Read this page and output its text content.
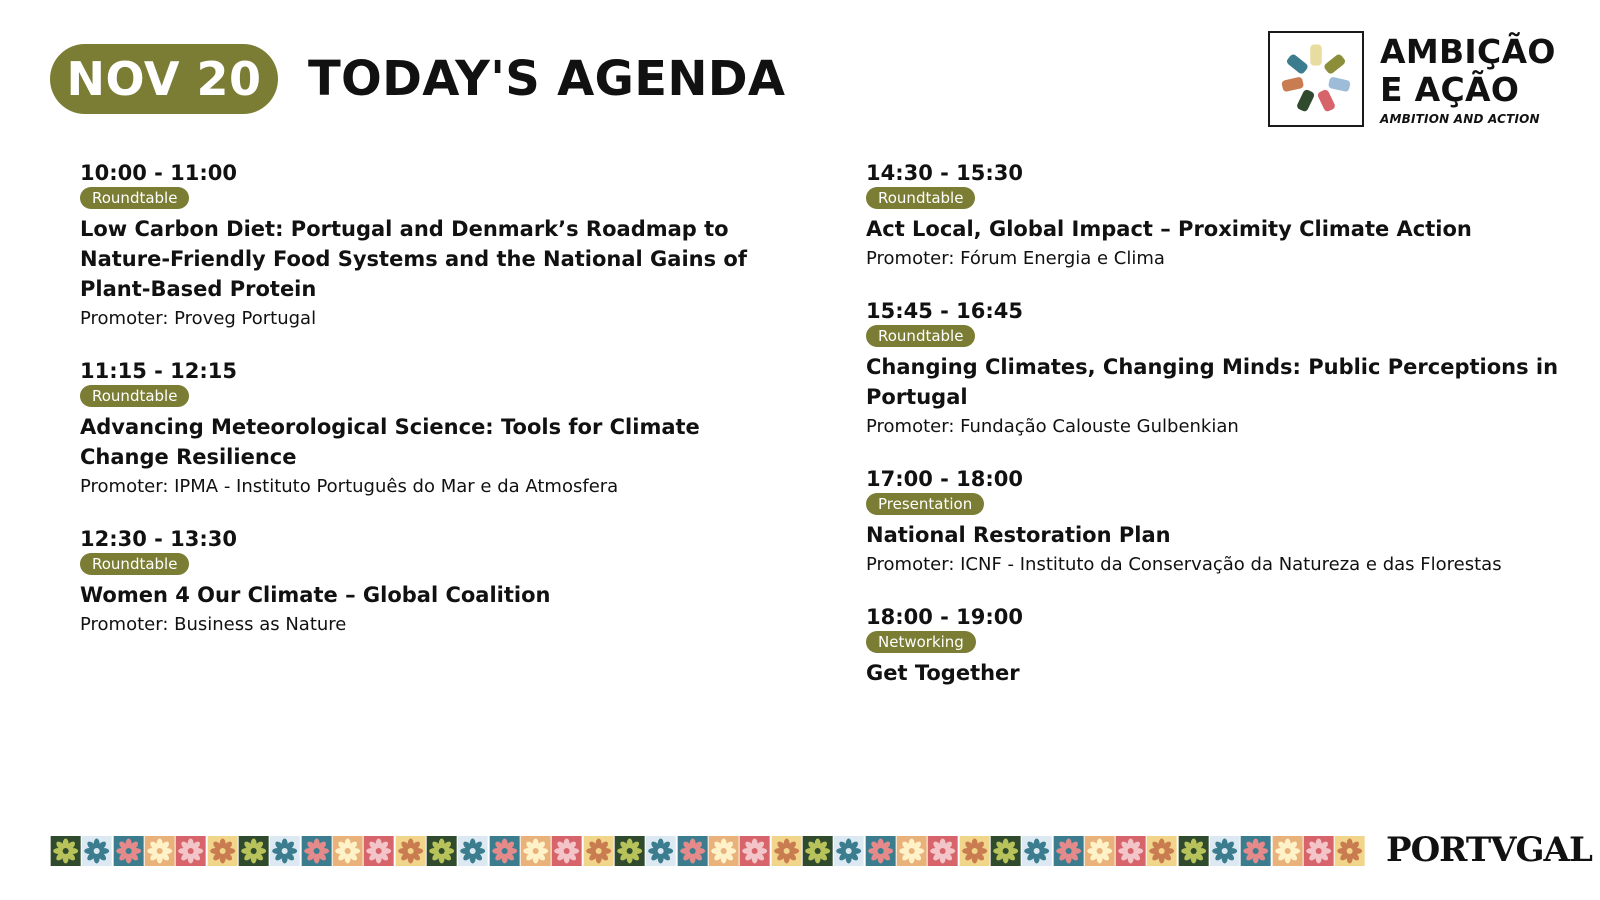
NOV 20 TODAY'S AGENDA	AMBIÇÃO
E AÇÃO
AMBITION AND ACTION
10:00 - 11:00
Roundtable
Low Carbon Diet: Portugal and Denmark’s Roadmap to Nature-Friendly Food Systems and the National Gains of Plant-Based Protein
Promoter: Proveg Portugal
11:15 - 12:15
Roundtable
Advancing Meteorological Science: Tools for Climate Change Resilience
Promoter: IPMA - Instituto Português do Mar e da Atmosfera
12:30 - 13:30
Roundtable
Women 4 Our Climate – Global Coalition
Promoter: Business as Nature
14:30 - 15:30
Roundtable
Act Local, Global Impact – Proximity Climate Action
Promoter: Fórum Energia e Clima
15:45 - 16:45
Roundtable
Changing Climates, Changing Minds: Public Perceptions in Portugal
Promoter: Fundação Calouste Gulbenkian
17:00 - 18:00
Presentation
National Restoration Plan
Promoter: ICNF - Instituto da Conservação da Natureza e das Florestas
18:00 - 19:00
Networking
Get Together
PORTVGAL
